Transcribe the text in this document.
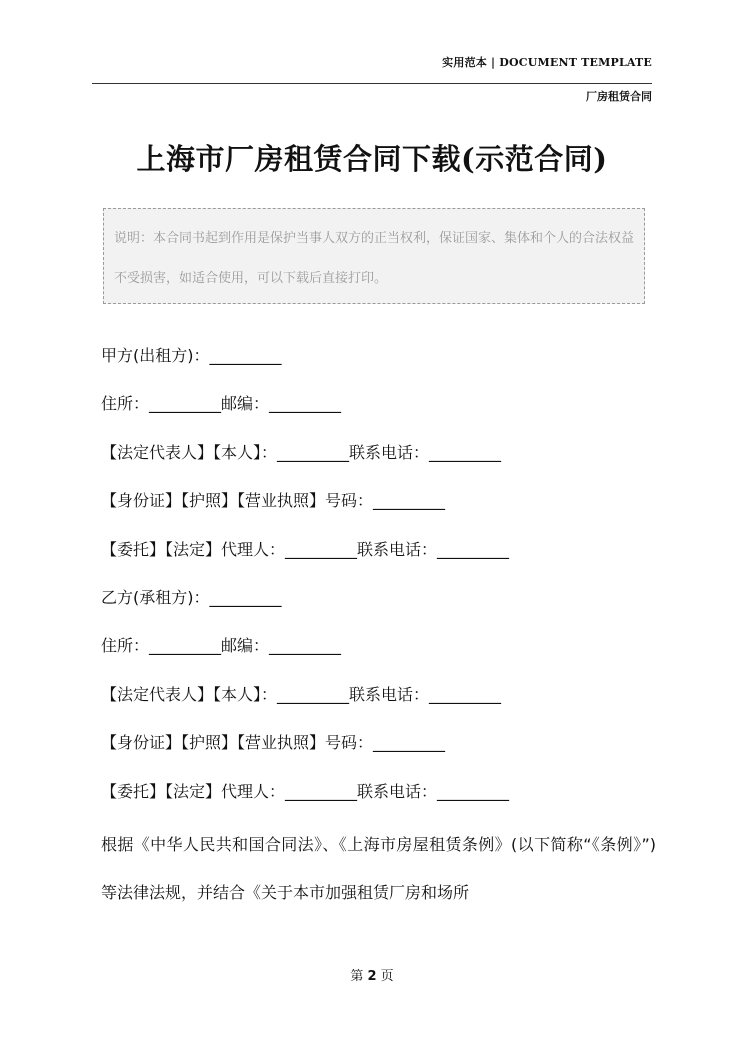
实用范本 | DOCUMENT TEMPLATE
厂房租赁合同
上海市厂房租赁合同下载(示范合同)
说明：本合同书起到作用是保护当事人双方的正当权利，保证国家、集体和个人的合法权益不受损害，如适合使用，可以下载后直接打印。
甲方(出租方)：_________
住所：_________邮编：_________
【法定代表人】【本人】：_________联系电话：_________
【身份证】【护照】【营业执照】号码：_________
【委托】【法定】代理人：_________联系电话：_________
乙方(承租方)：_________
住所：_________邮编：_________
【法定代表人】【本人】：_________联系电话：_________
【身份证】【护照】【营业执照】号码：_________
【委托】【法定】代理人：_________联系电话：_________
根据《中华人民共和国合同法》、《上海市房屋租赁条例》(以下简称“《条例》”)等法律法规，并结合《关于本市加强租赁厂房和场所
第 2 页
